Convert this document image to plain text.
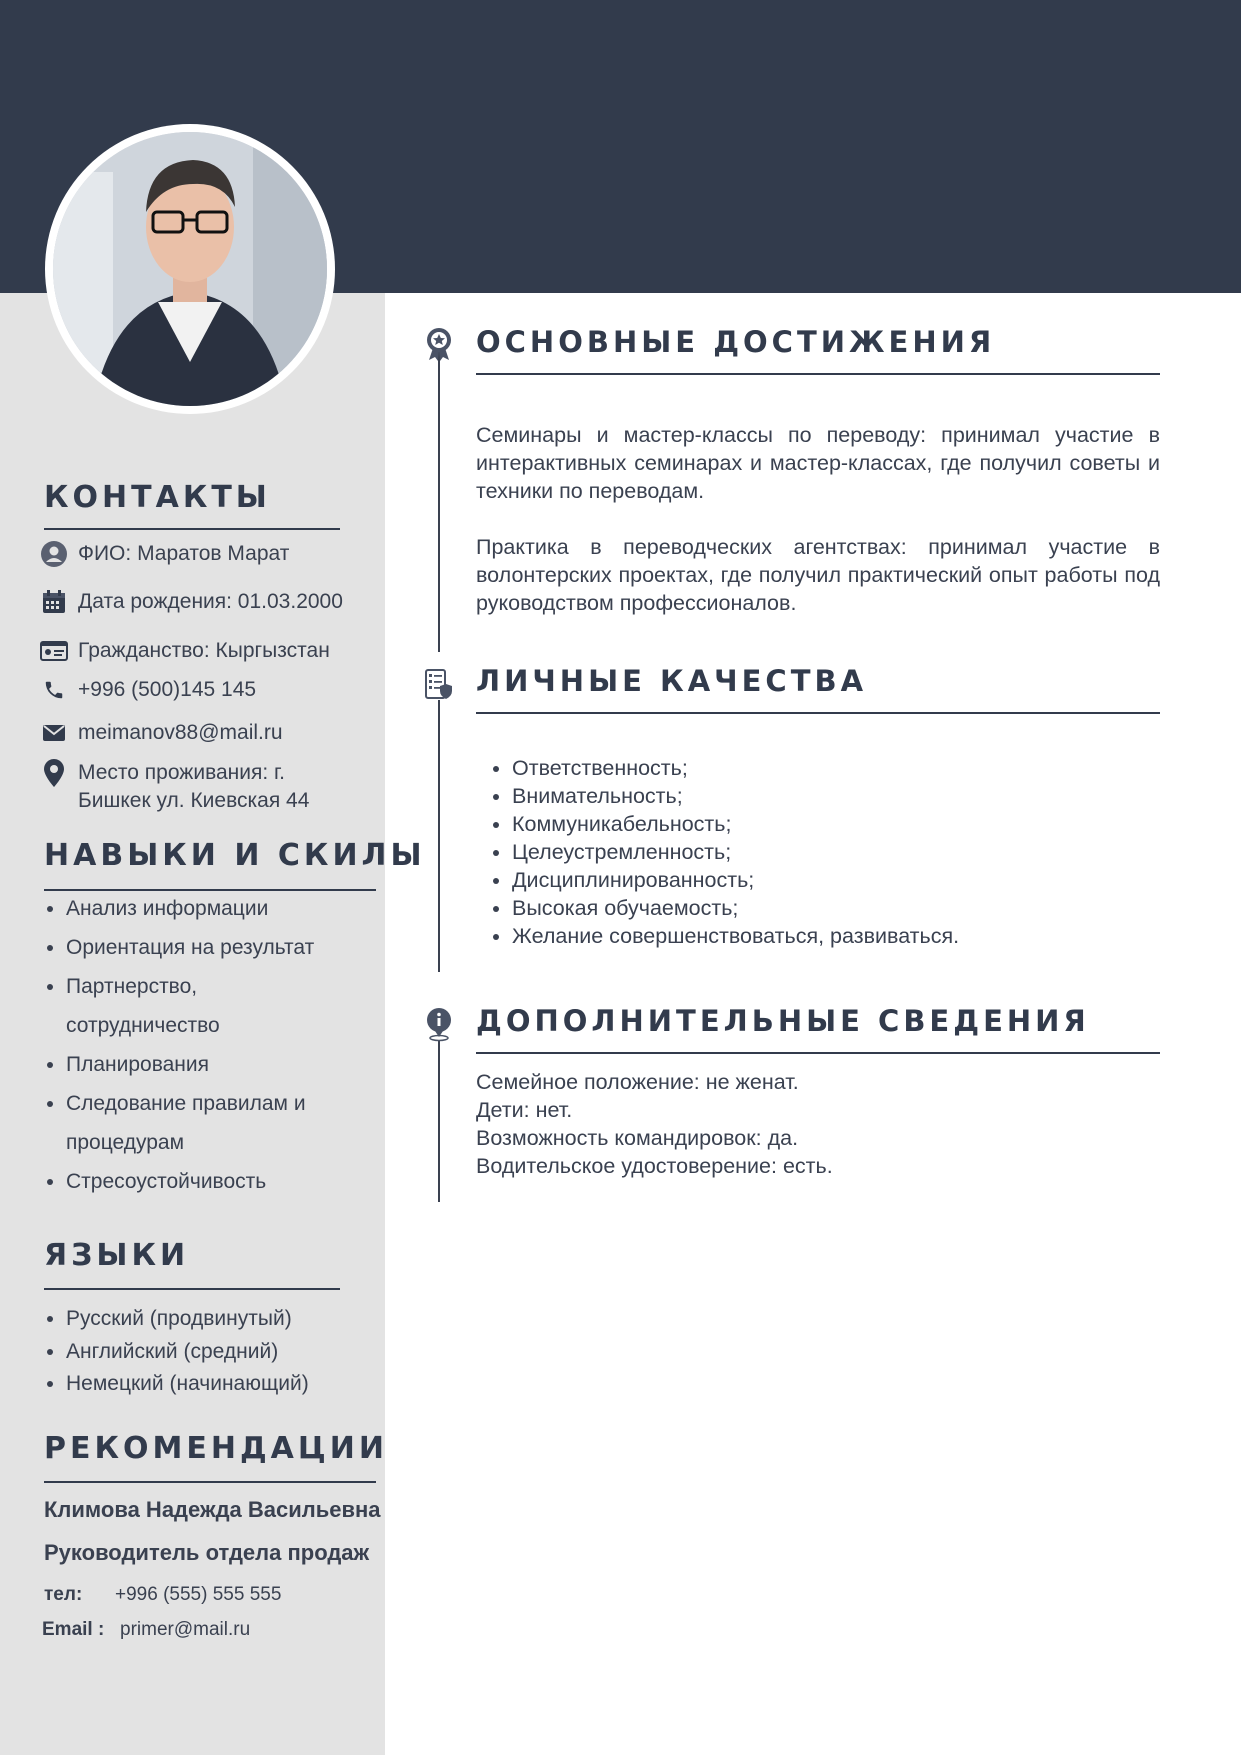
КОНТАКТЫ
ФИО: Маратов Марат
Дата рождения: 01.03.2000
Гражданство: Кыргызстан
+996 (500)145 145
meimanov88@mail.ru
Место проживания: г. Бишкек ул. Киевская 44
НАВЫКИ И СКИЛЫ
• Анализ информации
• Ориентация на результат
• Партнерство, сотрудничество
• Планирования
• Следование правилам и процедурам
• Стресоустойчивость
ЯЗЫКИ
• Русский (продвинутый)
• Английский (средний)
• Немецкий (начинающий)
РЕКОМЕНДАЦИИ
Климова Надежда Васильевна
Руководитель отдела продаж
тел: +996 (555) 555 555
Email : primer@mail.ru
ОСНОВНЫЕ ДОСТИЖЕНИЯ

Семинары и мастер-классы по переводу: принимал участие в интерактивных семинарах и мастер-классах, где получил советы и техники по переводам.

Практика в переводческих агентствах: принимал участие в волонтерских проектах, где получил практический опыт работы под руководством профессионалов.

ЛИЧНЫЕ КАЧЕСТВА
• Ответственность;
• Внимательность;
• Коммуникабельность;
• Целеустремленность;
• Дисциплинированность;
• Высокая обучаемость;
• Желание совершенствоваться, развиваться.
ДОПОЛНИТЕЛЬНЫЕ СВЕДЕНИЯ
Семейное положение: не женат.
Дети: нет.
Возможность командировок: да.
Водительское удостоверение: есть.
